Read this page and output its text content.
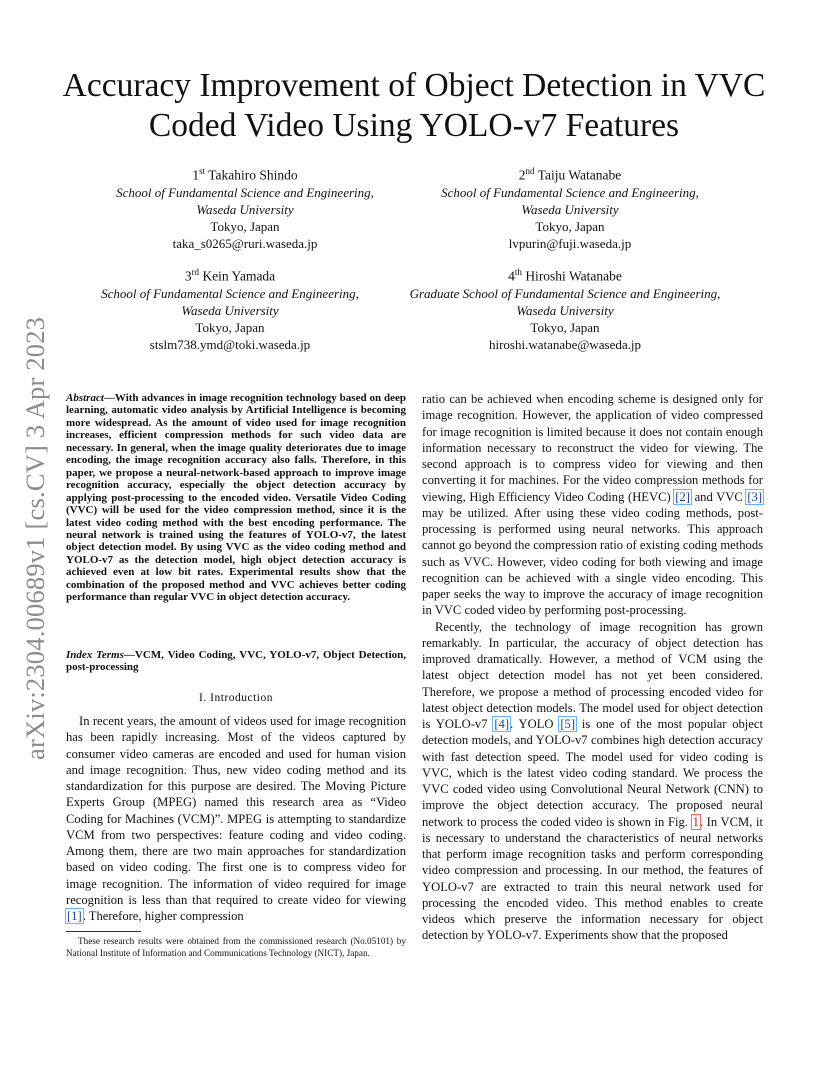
arXiv:2304.00689v1 [cs.CV] 3 Apr 2023
Accuracy Improvement of Object Detection in VVC Coded Video Using YOLO-v7 Features
1st Takahiro Shindo
School of Fundamental Science and Engineering,
Waseda University
Tokyo, Japan
taka_s0265@ruri.waseda.jp
2nd Taiju Watanabe
School of Fundamental Science and Engineering,
Waseda University
Tokyo, Japan
lvpurin@fuji.waseda.jp
3rd Kein Yamada
School of Fundamental Science and Engineering,
Waseda University
Tokyo, Japan
stslm738.ymd@toki.waseda.jp
4th Hiroshi Watanabe
Graduate School of Fundamental Science and Engineering,
Waseda University
Tokyo, Japan
hiroshi.watanabe@waseda.jp
Abstract—With advances in image recognition technology based on deep learning, automatic video analysis by Artificial Intelligence is becoming more widespread. As the amount of video used for image recognition increases, efficient compression methods for such video data are necessary. In general, when the image quality deteriorates due to image encoding, the image recognition accuracy also falls. Therefore, in this paper, we propose a neural-network-based approach to improve image recognition accuracy, especially the object detection accuracy by applying post-processing to the encoded video. Versatile Video Coding (VVC) will be used for the video compression method, since it is the latest video coding method with the best encoding performance. The neural network is trained using the features of YOLO-v7, the latest object detection model. By using VVC as the video coding method and YOLO-v7 as the detection model, high object detection accuracy is achieved even at low bit rates. Experimental results show that the combination of the proposed method and VVC achieves better coding performance than regular VVC in object detection accuracy.
Index Terms—VCM, Video Coding, VVC, YOLO-v7, Object Detection, post-processing
I. Introduction

In recent years, the amount of videos used for image recognition has been rapidly increasing. Most of the videos captured by consumer video cameras are encoded and used for human vision and image recognition. Thus, new video coding method and its standardization for this purpose are desired. The Moving Picture Experts Group (MPEG) named this research area as “Video Coding for Machines (VCM)”. MPEG is attempting to standardize VCM from two perspectives: feature coding and video coding. Among them, there are two main approaches for standardization based on video coding. The first one is to compress video for image recognition. The information of video required for image recognition is less than that required to create video for viewing [1]. Therefore, higher compression

These research results were obtained from the commissioned research (No.05101) by National Institute of Information and Communications Technology (NICT), Japan.

ratio can be achieved when encoding scheme is designed only for image recognition. However, the application of video compressed for image recognition is limited because it does not contain enough information necessary to reconstruct the video for viewing. The second approach is to compress video for viewing and then converting it for machines. For the video compression methods for viewing, High Efficiency Video Coding (HEVC) [2] and VVC [3] may be utilized. After using these video coding methods, post-processing is performed using neural networks. This approach cannot go beyond the compression ratio of existing coding methods such as VVC. However, video coding for both viewing and image recognition can be achieved with a single video encoding. This paper seeks the way to improve the accuracy of image recognition in VVC coded video by performing post-processing.

Recently, the technology of image recognition has grown remarkably. In particular, the accuracy of object detection has improved dramatically. However, a method of VCM using the latest object detection model has not yet been considered. Therefore, we propose a method of processing encoded video for latest object detection models. The model used for object detection is YOLO-v7 [4]. YOLO [5] is one of the most popular object detection models, and YOLO-v7 combines high detection accuracy with fast detection speed. The model used for video coding is VVC, which is the latest video coding standard. We process the VVC coded video using Convolutional Neural Network (CNN) to improve the object detection accuracy. The proposed neural network to process the coded video is shown in Fig. 1. In VCM, it is necessary to understand the characteristics of neural networks that perform image recognition tasks and perform corresponding video compression and processing. In our method, the features of YOLO-v7 are extracted to train this neural network used for processing the encoded video. This method enables to create videos which preserve the information necessary for object detection by YOLO-v7. Experiments show that the proposed
